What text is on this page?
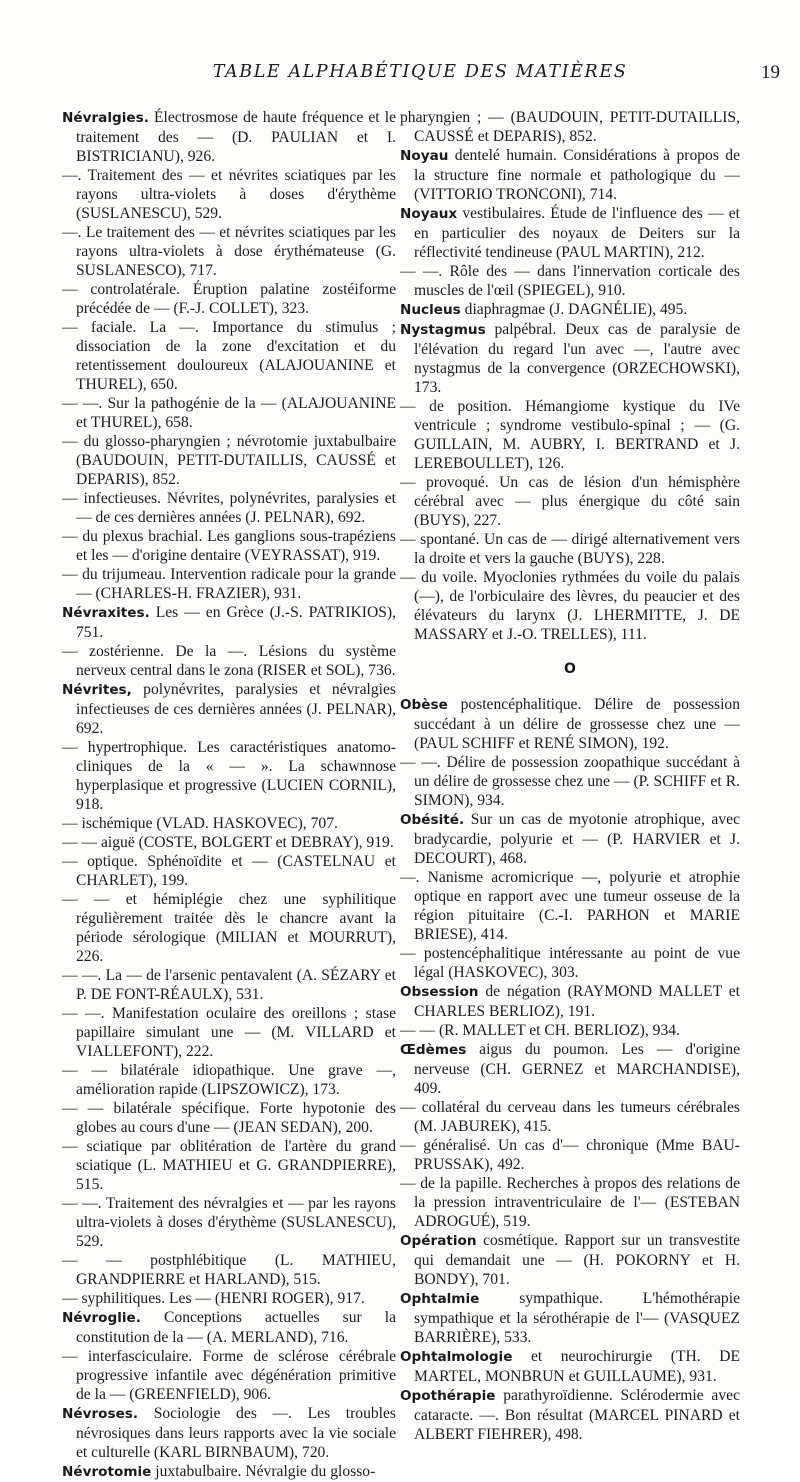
TABLE ALPHABÉTIQUE DES MATIÈRES	19

Névralgies. Électrosmose de haute fréquence et le traitement des — (D. PAULIAN et I. BISTRICIANU), 926.

—. Traitement des — et névrites sciatiques par les rayons ultra-violets à doses d'érythème (SUSLANESCU), 529.

—. Le traitement des — et névrites sciatiques par les rayons ultra-violets à dose érythémateuse (G. SUSLANESCO), 717.

— controlatérale. Éruption palatine zostéiforme précédée de — (F.-J. COLLET), 323.

— faciale. La —. Importance du stimulus ; dissociation de la zone d'excitation et du retentissement douloureux (ALAJOUANINE et THUREL), 650.

— —. Sur la pathogénie de la — (ALAJOUANINE et THUREL), 658.

— du glosso-pharyngien ; névrotomie juxtabulbaire (BAUDOUIN, PETIT-DUTAILLIS, CAUSSÉ et DEPARIS), 852.

— infectieuses. Névrites, polynévrites, paralysies et — de ces dernières années (J. PELNAR), 692.

— du plexus brachial. Les ganglions sous-trapéziens et les — d'origine dentaire (VEYRASSAT), 919.

— du trijumeau. Intervention radicale pour la grande — (CHARLES-H. FRAZIER), 931.

Névraxites. Les — en Grèce (J.-S. PATRIKIOS), 751.

— zostérienne. De la —. Lésions du système nerveux central dans le zona (RISER et SOL), 736.

Névrites, polynévrites, paralysies et névralgies infectieuses de ces dernières années (J. PELNAR), 692.

— hypertrophique. Les caractéristiques anatomo-cliniques de la « — ». La schawnnose hyperplasique et progressive (LUCIEN CORNIL), 918.

— ischémique (VLAD. HASKOVEC), 707.

— — aiguë (COSTE, BOLGERT et DEBRAY), 919.

— optique. Sphénoïdite et — (CASTELNAU et CHARLET), 199.

— — et hémiplégie chez une syphilitique régulièrement traitée dès le chancre avant la période sérologique (MILIAN et MOURRUT), 226.

— —. La — de l'arsenic pentavalent (A. SÉZARY et P. DE FONT-RÉAULX), 531.

— —. Manifestation oculaire des oreillons ; stase papillaire simulant une — (M. VILLARD et VIALLEFONT), 222.

— — bilatérale idiopathique. Une grave —, amélioration rapide (LIPSZOWICZ), 173.

— — bilatérale spécifique. Forte hypotonie des globes au cours d'une — (JEAN SEDAN), 200.

— sciatique par oblitération de l'artère du grand sciatique (L. MATHIEU et G. GRANDPIERRE), 515.

— —. Traitement des névralgies et — par les rayons ultra-violets à doses d'érythème (SUSLANESCU), 529.

— — postphlébitique (L. MATHIEU, GRANDPIERRE et HARLAND), 515.

— syphilitiques. Les — (HENRI ROGER), 917.

Névroglie. Conceptions actuelles sur la constitution de la — (A. MERLAND), 716.

— interfasciculaire. Forme de sclérose cérébrale progressive infantile avec dégénération primitive de la — (GREENFIELD), 906.

Névroses. Sociologie des —. Les troubles névrosiques dans leurs rapports avec la vie sociale et culturelle (KARL BIRNBAUM), 720.

Névrotomie juxtabulbaire. Névralgie du glosso-

pharyngien ; — (BAUDOUIN, PETIT-DUTAILLIS, CAUSSÉ et DEPARIS), 852.

Noyau dentelé humain. Considérations à propos de la structure fine normale et pathologique du — (VITTORIO TRONCONI), 714.

Noyaux vestibulaires. Étude de l'influence des — et en particulier des noyaux de Deiters sur la réflectivité tendineuse (PAUL MARTIN), 212.

— —. Rôle des — dans l'innervation corticale des muscles de l'œil (SPIEGEL), 910.

Nucleus diaphragmae (J. DAGNÉLIE), 495.

Nystagmus palpébral. Deux cas de paralysie de l'élévation du regard l'un avec —, l'autre avec nystagmus de la convergence (ORZECHOWSKI), 173.

— de position. Hémangiome kystique du IVe ventricule ; syndrome vestibulo-spinal ; — (G. GUILLAIN, M. AUBRY, I. BERTRAND et J. LEREBOULLET), 126.

— provoqué. Un cas de lésion d'un hémisphère cérébral avec — plus énergique du côté sain (BUYS), 227.

— spontané. Un cas de — dirigé alternativement vers la droite et vers la gauche (BUYS), 228.

— du voile. Myoclonies rythmées du voile du palais (—), de l'orbiculaire des lèvres, du peaucier et des élévateurs du larynx (J. LHERMITTE, J. DE MASSARY et J.-O. TRELLES), 111.

O

Obèse postencéphalitique. Délire de possession succédant à un délire de grossesse chez une — (PAUL SCHIFF et RENÉ SIMON), 192.

— —. Délire de possession zoopathique succédant à un délire de grossesse chez une — (P. SCHIFF et R. SIMON), 934.

Obésité. Sur un cas de myotonie atrophique, avec bradycardie, polyurie et — (P. HARVIER et J. DECOURT), 468.

—. Nanisme acromicrique —, polyurie et atrophie optique en rapport avec une tumeur osseuse de la région pituitaire (C.-I. PARHON et MARIE BRIESE), 414.

— postencéphalitique intéressante au point de vue légal (HASKOVEC), 303.

Obsession de négation (RAYMOND MALLET et CHARLES BERLIOZ), 191.

— — (R. MALLET et CH. BERLIOZ), 934.

Œdèmes aigus du poumon. Les — d'origine nerveuse (CH. GERNEZ et MARCHANDISE), 409.

— collatéral du cerveau dans les tumeurs cérébrales (M. JABUREK), 415.

— généralisé. Un cas d'— chronique (Mme BAU-PRUSSAK), 492.

— de la papille. Recherches à propos des relations de la pression intraventriculaire de l'— (ESTEBAN ADROGUÉ), 519.

Opération cosmétique. Rapport sur un transvestite qui demandait une — (H. POKORNY et H. BONDY), 701.

Ophtalmie sympathique. L'hémothérapie sympathique et la sérothérapie de l'— (VASQUEZ BARRIÈRE), 533.

Ophtalmologie et neurochirurgie (TH. DE MARTEL, MONBRUN et GUILLAUME), 931.

Opothérapie parathyroïdienne. Sclérodermie avec cataracte. —. Bon résultat (MARCEL PINARD et ALBERT FIEHRER), 498.
